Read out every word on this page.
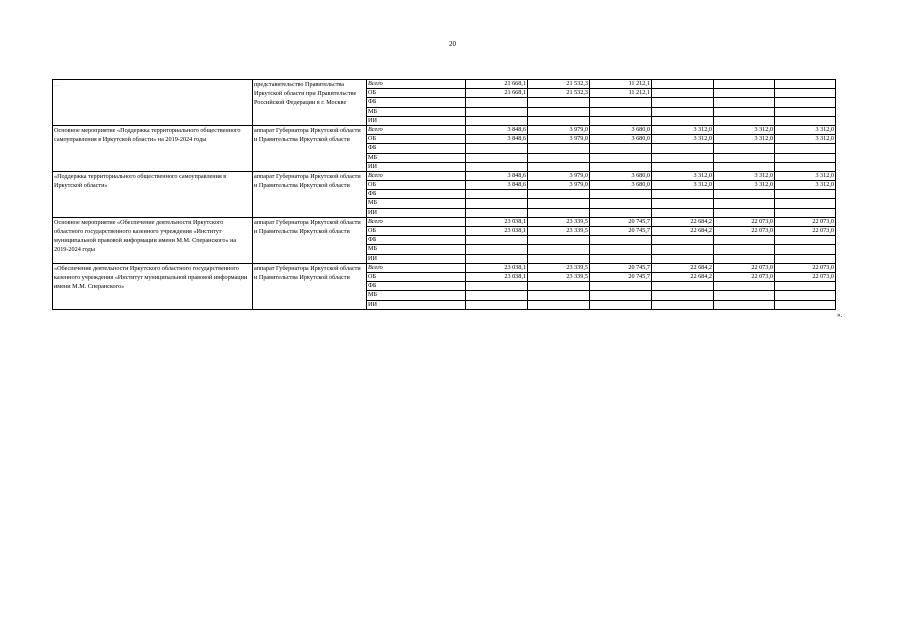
20
...	представительство Правительства Иркутской области при Правительстве Российской Федерации в г. Москве	Всего	21 668,1	21 532,3	11 212,1			
		ОБ	21 668,1	21 532,3	11 212,1			
		ФБ						
		МБ						
		ИИ						
Основное мероприятие «Поддержка территориального общественного самоуправления в Иркутской области» на 2019-2024 годы	аппарат Губернатора Иркутской области и Правительства Иркутской области	Всего	3 848,6	3 979,0	3 680,0	3 312,0	3 312,0	3 312,0
		ОБ	3 848,6	3 979,0	3 680,0	3 312,0	3 312,0	3 312,0
		ФБ						
		МБ						
		ИИ						
«Поддержка территориального общественного самоуправления в Иркутской области»	аппарат Губернатора Иркутской области и Правительства Иркутской области	Всего	3 848,6	3 979,0	3 680,0	3 312,0	3 312,0	3 312,0
		ОБ	3 848,6	3 979,0	3 680,0	3 312,0	3 312,0	3 312,0
		ФБ						
		МБ						
		ИИ						
Основное мероприятие «Обеспечение деятельности Иркутского областного государственного казенного учреждения «Институт муниципальной правовой информации имени М.М. Сперанского» на 2019-2024 годы	аппарат Губернатора Иркутской области и Правительства Иркутской области	Всего	23 038,1	23 339,5	20 745,7	22 684,2	22 073,0	22 073,0
		ОБ	23 038,1	23 339,5	20 745,7	22 684,2	22 073,0	22 073,0
		ФБ						
		МБ						
		ИИ						
«Обеспечение деятельности Иркутского областного государственного казенного учреждения «Институт муниципальной правовой информации имени М.М. Сперанского»	аппарат Губернатора Иркутской области и Правительства Иркутской области	Всего	23 038,1	23 339,5	20 745,7	22 684,2	22 073,0	22 073,0
		ОБ	23 038,1	23 339,5	20 745,7	22 684,2	22 073,0	22 073,0
		ФБ						
		МБ						
		ИИ						
».
